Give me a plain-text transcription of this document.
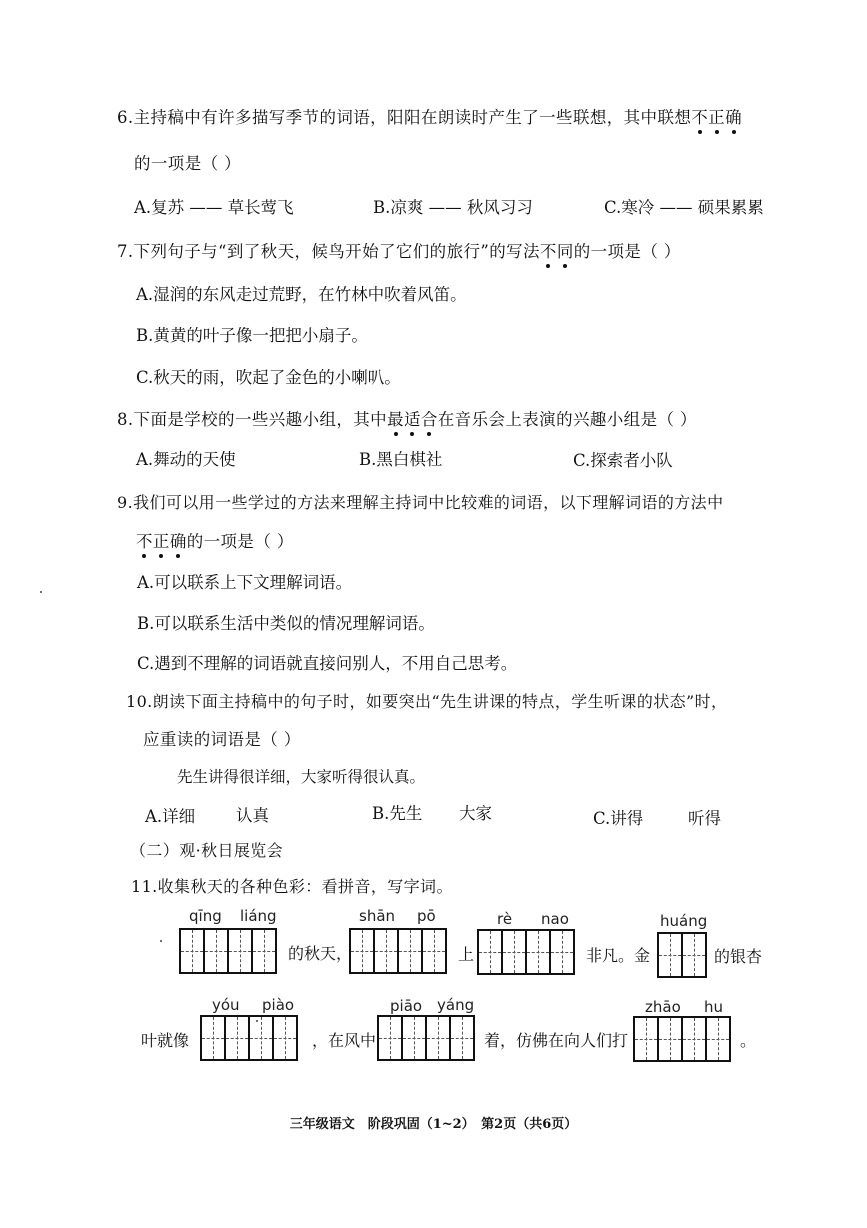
6.主持稿中有许多描写季节的词语，阳阳在朗读时产生了一些联想，其中联想不正确
的一项是（ ）
A.复苏 —— 草长莺飞	B.凉爽 —— 秋风习习	C.寒冷 —— 硕果累累
7.下列句子与“到了秋天，候鸟开始了它们的旅行”的写法不同的一项是（ ）
A.湿润的东风走过荒野，在竹林中吹着风笛。
B.黄黄的叶子像一把把小扇子。
C.秋天的雨，吹起了金色的小喇叭。
8.下面是学校的一些兴趣小组，其中最适合在音乐会上表演的兴趣小组是（ ）
A.舞动的天使	B.黑白棋社	C.探索者小队
9.我们可以用一些学过的方法来理解主持词中比较难的词语，以下理解词语的方法中
不正确的一项是（ ）
A.可以联系上下文理解词语。
B.可以联系生活中类似的情况理解词语。
C.遇到不理解的词语就直接问别人，不用自己思考。
10.朗读下面主持稿中的句子时，如要突出“先生讲课的特点，学生听课的状态”时，
应重读的词语是（ ）
先生讲得很详细，大家听得很认真。
A.详细 认真	B.先生 大家	C.讲得	听得
（二）观·秋日展览会
11.收集秋天的各种色彩：看拼音，写字词。
qīng liáng	shān pō	rè nao	huáng
的秋天，	上	非凡。金	的银杏
yóu piào	piāo yáng	zhāo hu
叶就像	，在风中	着，仿佛在向人们打	。
三年级语文　阶段巩固（1~2）　第2页（共6页）
